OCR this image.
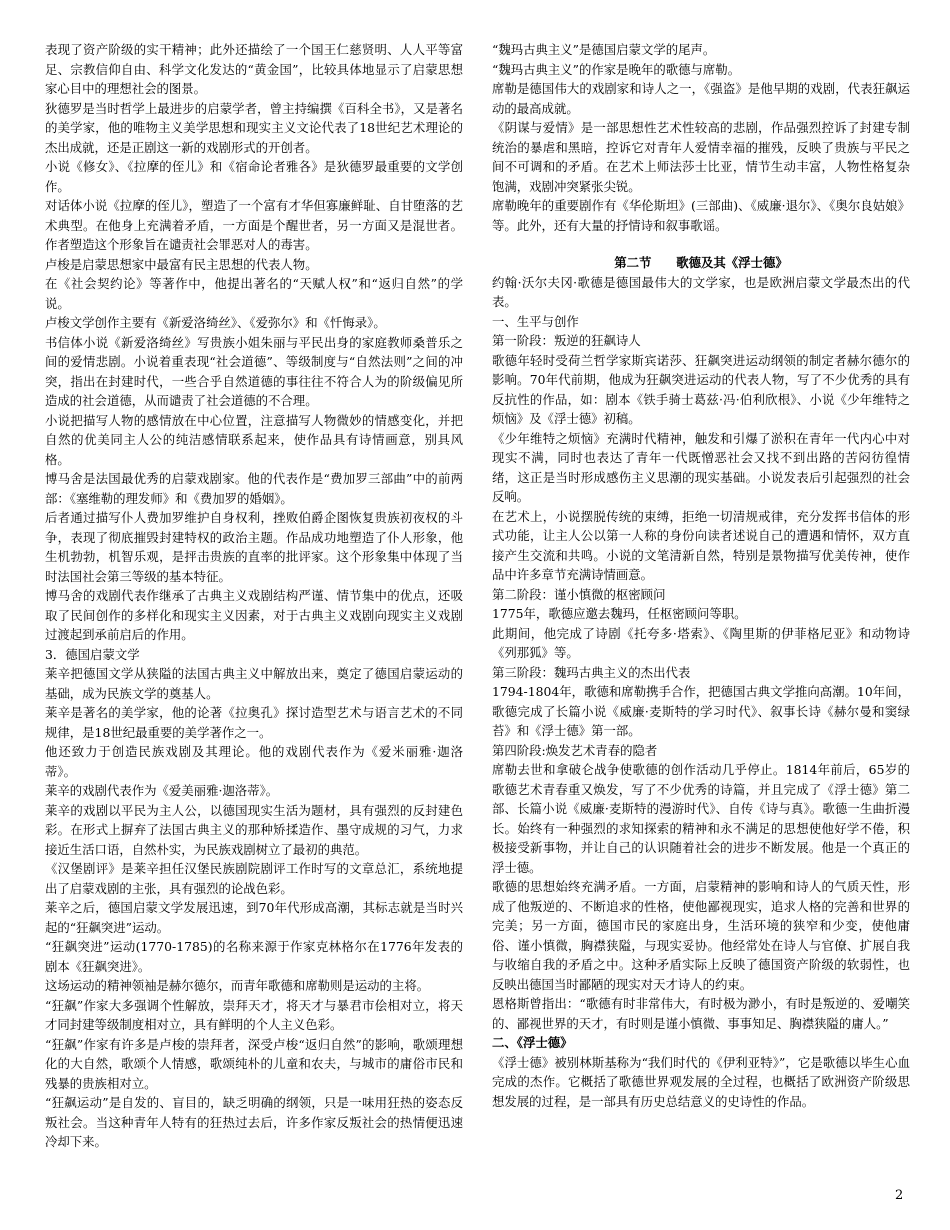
表现了资产阶级的实干精神；此外还描绘了一个国王仁慈贤明、人人平等富足、宗教信仰自由、科学文化发达的“黄金国”，比较具体地显示了启蒙思想家心目中的理想社会的图景。

狄德罗是当时哲学上最进步的启蒙学者，曾主持编撰《百科全书》，又是著名的美学家，他的唯物主义美学思想和现实主义文论代表了18世纪艺术理论的杰出成就，还是正剧这一新的戏剧形式的开创者。

小说《修女》、《拉摩的侄儿》和《宿命论者雅各》是狄德罗最重要的文学创作。

对话体小说《拉摩的侄儿》，塑造了一个富有才华但寡廉鲜耻、自甘堕落的艺术典型。在他身上充满着矛盾，一方面是个醒世者，另一方面又是混世者。作者塑造这个形象旨在谴责社会罪恶对人的毒害。

卢梭是启蒙思想家中最富有民主思想的代表人物。

在《社会契约论》等著作中，他提出著名的“天赋人权”和“返归自然”的学说。

卢梭文学创作主要有《新爱洛绮丝》、《爱弥尔》和《忏悔录》。

书信体小说《新爱洛绮丝》写贵族小姐朱丽与平民出身的家庭教师桑普乐之间的爱情悲剧。小说着重表现“社会道德”、等级制度与“自然法则”之间的冲突，指出在封建时代，一些合乎自然道德的事往往不符合人为的阶级偏见所造成的社会道德，从而谴责了社会道德的不合理。

小说把描写人物的感情放在中心位置，注意描写人物微妙的情感变化，并把自然的优美同主人公的纯洁感情联系起来，使作品具有诗情画意，别具风格。

博马舍是法国最优秀的启蒙戏剧家。他的代表作是“费加罗三部曲”中的前两部：《塞维勒的理发师》和《费加罗的婚姻》。

后者通过描写仆人费加罗维护自身权利，挫败伯爵企图恢复贵族初夜权的斗争，表现了彻底摧毁封建特权的政治主题。作品成功地塑造了仆人形象，他生机勃勃，机智乐观，是抨击贵族的直率的批评家。这个形象集中体现了当时法国社会第三等级的基本特征。

博马舍的戏剧代表作继承了古典主义戏剧结构严谨、情节集中的优点，还吸取了民间创作的多样化和现实主义因素，对于古典主义戏剧向现实主义戏剧过渡起到承前启后的作用。

3．德国启蒙文学

莱辛把德国文学从狭隘的法国古典主义中解放出来，奠定了德国启蒙运动的基础，成为民族文学的奠基人。

莱辛是著名的美学家，他的论著《拉奥孔》探讨造型艺术与语言艺术的不同规律，是18世纪最重要的美学著作之一。

他还致力于创造民族戏剧及其理论。他的戏剧代表作为《爱米丽雅·迦洛蒂》。

莱辛的戏剧代表作为《爱美丽雅·迦洛蒂》。

莱辛的戏剧以平民为主人公，以德国现实生活为题材，具有强烈的反封建色彩。在形式上摒弃了法国古典主义的那种矫揉造作、墨守成规的习气，力求接近生活口语，自然朴实，为民族戏剧树立了最初的典范。

《汉堡剧评》是莱辛担任汉堡民族剧院剧评工作时写的文章总汇，系统地提出了启蒙戏剧的主张，具有强烈的论战色彩。

莱辛之后，德国启蒙文学发展迅速，到70年代形成高潮，其标志就是当时兴起的“狂飙突进”运动。

“狂飙突进”运动(1770-1785)的名称来源于作家克林格尔在1776年发表的剧本《狂飙突进》。

这场运动的精神领袖是赫尔德尔，而青年歌德和席勒则是运动的主将。

“狂飙”作家大多强调个性解放，崇拜天才，将天才与暴君市侩相对立，将天才同封建等级制度相对立，具有鲜明的个人主义色彩。

“狂飙”作家有许多是卢梭的崇拜者，深受卢梭“返归自然”的影响，歌颂理想化的大自然，歌颂个人情感，歌颂纯朴的儿童和农夫，与城市的庸俗市民和残暴的贵族相对立。

“狂飙运动”是自发的、盲目的，缺乏明确的纲领，只是一味用狂热的姿态反叛社会。当这种青年人特有的狂热过去后，许多作家反叛社会的热情便迅速冷却下来。

“魏玛古典主义”是德国启蒙文学的尾声。

“魏玛古典主义”的作家是晚年的歌德与席勒。

席勒是德国伟大的戏剧家和诗人之一，《强盗》是他早期的戏剧，代表狂飙运动的最高成就。

《阴谋与爱情》是一部思想性艺术性较高的悲剧，作品强烈控诉了封建专制统治的暴虐和黑暗，控诉它对青年人爱情幸福的摧残，反映了贵族与平民之间不可调和的矛盾。在艺术上师法莎士比亚，情节生动丰富，人物性格复杂饱满，戏剧冲突紧张尖锐。

席勒晚年的重要剧作有《华伦斯坦》(三部曲)、《威廉·退尔》、《奥尔良姑娘》等。此外，还有大量的抒情诗和叙事歌谣。

第二节　　歌德及其《浮士德》

约翰·沃尔夫冈·歌德是德国最伟大的文学家，也是欧洲启蒙文学最杰出的代表。

一、生平与创作

第一阶段：叛逆的狂飙诗人

歌德年轻时受荷兰哲学家斯宾诺莎、狂飙突进运动纲领的制定者赫尔德尔的影响。70年代前期，他成为狂飙突进运动的代表人物，写了不少优秀的具有反抗性的作品，如：剧本《铁手骑士葛兹·冯·伯利欣根》、小说《少年维特之烦恼》及《浮士德》初稿。

《少年维特之烦恼》充满时代精神，触发和引爆了淤积在青年一代内心中对现实不满，同时也表达了青年一代既憎恶社会又找不到出路的苦闷彷徨情绪，这正是当时形成感伤主义思潮的现实基础。小说发表后引起强烈的社会反响。

在艺术上，小说摆脱传统的束缚，拒绝一切清规戒律，充分发挥书信体的形式功能，让主人公以第一人称的身份向读者述说自己的遭遇和情怀，双方直接产生交流和共鸣。小说的文笔清新自然，特别是景物描写优美传神，使作品中许多章节充满诗情画意。

第二阶段：谨小慎微的枢密顾问

1775年，歌德应邀去魏玛，任枢密顾问等职。

此期间，他完成了诗剧《托夸多·塔索》、《陶里斯的伊菲格尼亚》和动物诗《列那狐》等。

第三阶段：魏玛古典主义的杰出代表

1794-1804年，歌德和席勒携手合作，把德国古典文学推向高潮。10年间，歌德完成了长篇小说《威廉·麦斯特的学习时代》、叙事长诗《赫尔曼和窦绿苔》和《浮士德》第一部。

第四阶段:焕发艺术青春的隐者

席勒去世和拿破仑战争使歌德的创作活动几乎停止。1814年前后，65岁的歌德艺术青春重又焕发，写了不少优秀的诗篇，并且完成了《浮士德》第二部、长篇小说《威廉·麦斯特的漫游时代》、自传《诗与真》。歌德一生曲折漫长。始终有一种强烈的求知探索的精神和永不满足的思想使他好学不倦，积极接受新事物，并让自己的认识随着社会的进步不断发展。他是一个真正的浮士德。

歌德的思想始终充满矛盾。一方面，启蒙精神的影响和诗人的气质天性，形成了他叛逆的、不断追求的性格，使他鄙视现实，追求人格的完善和世界的完美；另一方面，德国市民的家庭出身，生活环境的狭窄和少变，使他庸俗、谨小慎微，胸襟狭隘，与现实妥协。他经常处在诗人与官僚、扩展自我与收缩自我的矛盾之中。这种矛盾实际上反映了德国资产阶级的软弱性，也反映出德国当时鄙陋的现实对天才诗人的约束。

恩格斯曾指出：“歌德有时非常伟大，有时极为渺小，有时是叛逆的、爱嘲笑的、鄙视世界的天才，有时则是谨小慎微、事事知足、胸襟狭隘的庸人。”

二、《浮士德》

《浮士德》被别林斯基称为“我们时代的《伊利亚特》”，它是歌德以毕生心血完成的杰作。它概括了歌德世界观发展的全过程，也概括了欧洲资产阶级思想发展的过程，是一部具有历史总结意义的史诗性的作品。

2
